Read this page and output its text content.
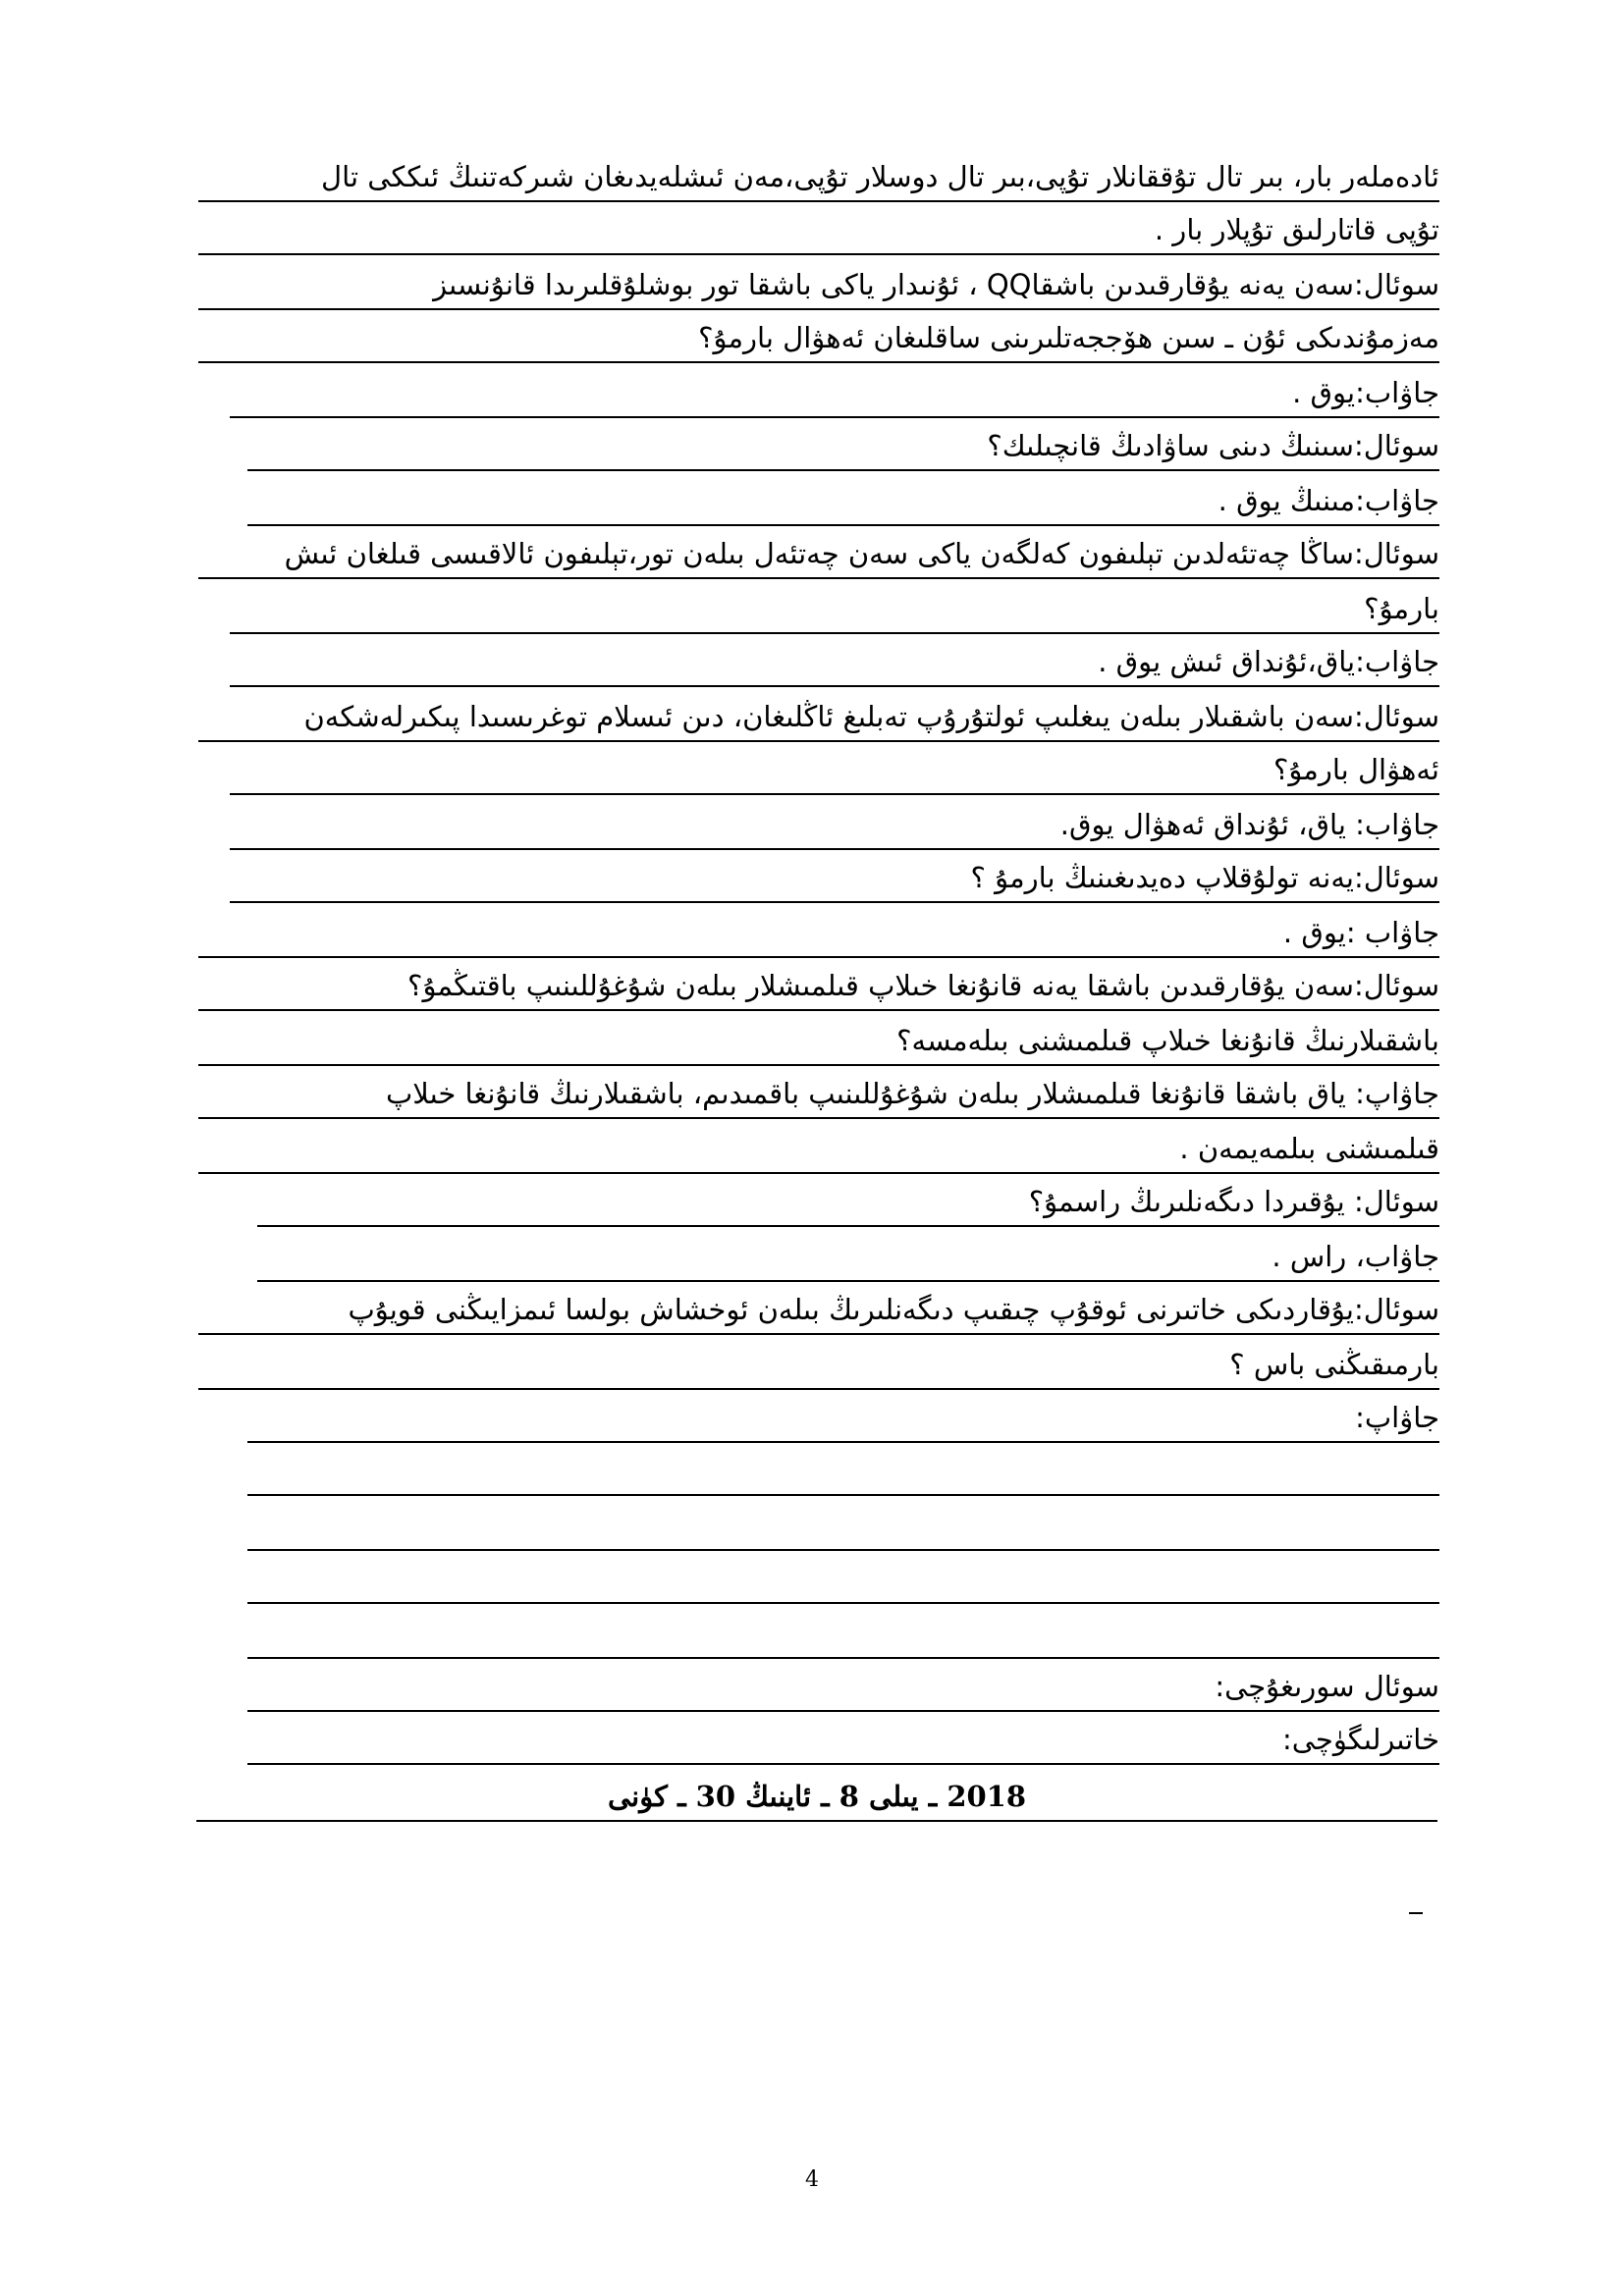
ئادەملەر بار، بىر تال تۇققانلار تۇپى،بىر تال دوسلار تۇپى،مەن ئىشلەيدىغان شىركەتنىڭ ئىككى تال
تۇپى قاتارلىق تۇپلار بار .
سوئال:سەن يەنە يۇقارقىدىن باشقاQQ ، ئۇنىدار ياكى باشقا تور بوشلۇقلىرىدا قانۇنسىز
مەزمۇندىكى ئۇن ـ سىن ھۆججەتلىرىنى ساقلىغان ئەھۋال بارمۇ؟
جاۋاب:يوق .
سوئال:سىنىڭ دىنى ساۋادىڭ قانچىلىك؟
جاۋاب:مىنىڭ يوق .
سوئال:ساڭا چەتئەلدىن تېلىفون كەلگەن ياكى سەن چەتئەل بىلەن تور،تېلىفون ئالاقىسى قىلغان ئىش
بارمۇ؟
جاۋاب:ياق،ئۇنداق ئىش يوق .
سوئال:سەن باشقىلار بىلەن يىغلىپ ئولتۇرۇپ تەبلىغ ئاڭلىغان، دىن ئىسلام توغرىسىدا پىكىرلەشكەن
ئەھۋال بارمۇ؟
جاۋاب: ياق، ئۇنداق ئەھۋال يوق.
سوئال:يەنە تولۇقلاپ دەيدىغىنىڭ بارمۇ ؟
جاۋاب :يوق .
سوئال:سەن يۇقارقىدىن باشقا يەنە قانۇنغا خىلاپ قىلمىشلار بىلەن شۇغۇللىنىپ باقتىڭمۇ؟
باشقىلارنىڭ قانۇنغا خىلاپ قىلمىشنى بىلەمسە؟
جاۋاپ: ياق باشقا قانۇنغا قىلمىشلار بىلەن شۇغۇللىنىپ باقمىدىم، باشقىلارنىڭ قانۇنغا خىلاپ
قىلمىشنى بىلمەيمەن .
سوئال: يۇقىردا دىگەنلىرىڭ راسمۇ؟
جاۋاب، راس .
سوئال:يۇقاردىكى خاتىرنى ئوقۇپ چىقىپ دىگەنلىرىڭ بىلەن ئوخشاش بولسا ئىمزايىڭنى قويۇپ
بارمىقىڭنى باس ؟
جاۋاپ:
سوئال سورىغۇچى:
خاتىرلىگۈچى:
2018 ـ يىلى 8 ـ ئاينىڭ 30 ـ كۈنى
4
